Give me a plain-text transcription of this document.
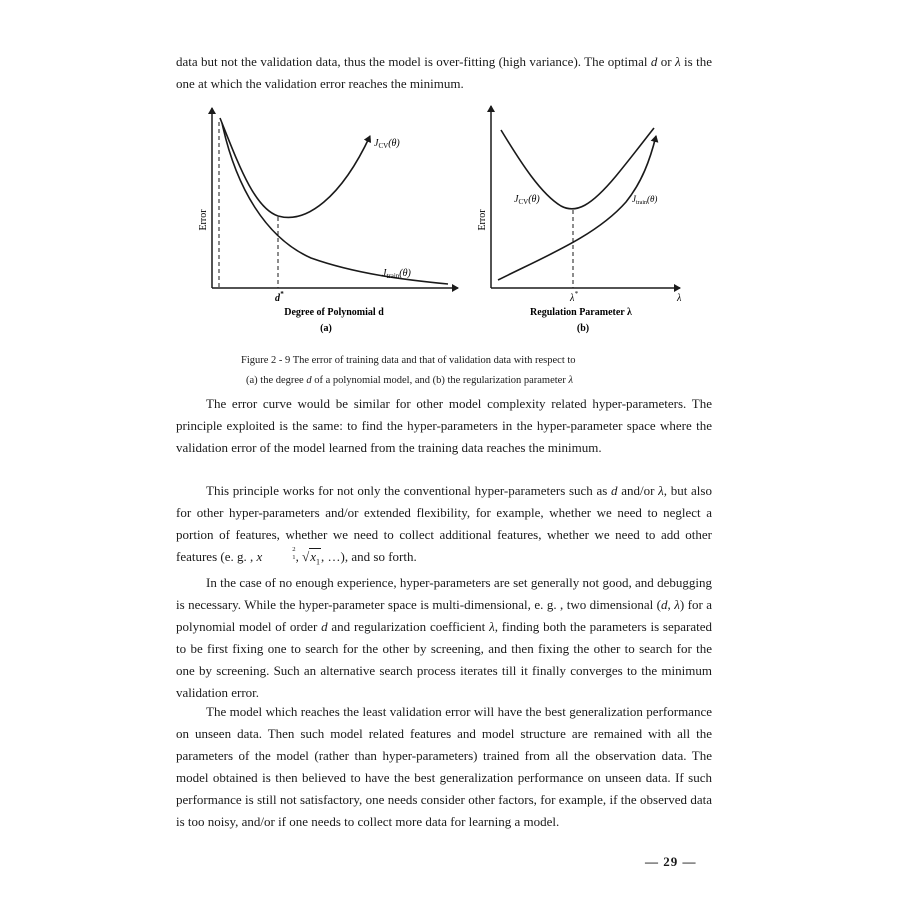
data but not the validation data, thus the model is over-fitting (high variance). The optimal d or λ is the one at which the validation error reaches the minimum.

Error
$J_{CV}(\theta)$
$J_{train}(\theta)$
d*
Degree of Polynomial d
(a)
Error
$J_{CV}(\theta)$	$J_{train}(\theta)$
λ*	λ
Regulation Parameter λ
(b)

Figure 2 - 9 The error of training data and that of validation data with respect to

(a) the degree d of a polynomial model, and (b) the regularization parameter λ

The error curve would be similar for other model complexity related hyper-parameters. The principle exploited is the same: to find the hyper-parameters in the hyper-parameter space where the validation error of the model learned from the training data reaches the minimum.

This principle works for not only the conventional hyper-parameters such as d and/or λ, but also for other hyper-parameters and/or extended flexibility, for example, whether we need to neglect a portion of features, whether we need to collect additional features, whether we need to add other features (e. g. , x	2
1 , $√x_1$, …), and so forth.

In the case of no enough experience, hyper-parameters are set generally not good, and debugging is necessary. While the hyper-parameter space is multi-dimensional, e. g. , two dimensional (d, λ) for a polynomial model of order d and regularization coefficient λ, finding both the parameters is separated to be first fixing one to search for the other by screening, and then fixing the other to search for the one by screening. Such an alternative search process iterates till it finally converges to the minimum validation error.

The model which reaches the least validation error will have the best generalization performance on unseen data. Then such model related features and model structure are remained with all the parameters of the model (rather than hyper-parameters) trained from all the observation data. The model obtained is then believed to have the best generalization performance on unseen data. If such performance is still not satisfactory, one needs consider other factors, for example, if the observed data is too noisy, and/or if one needs to collect more data for learning a model.

— 29 —
